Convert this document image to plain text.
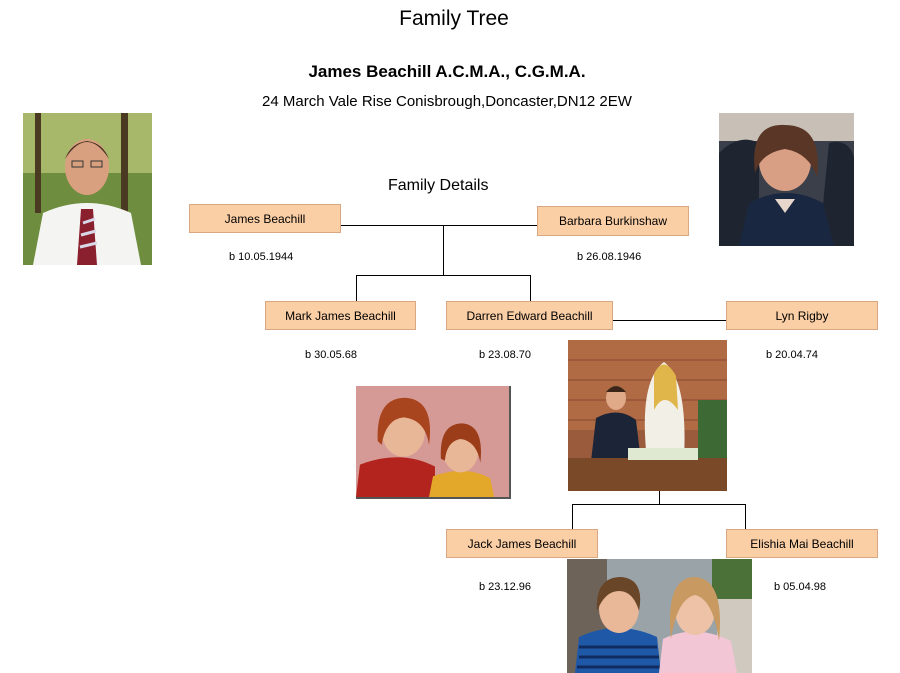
Family Tree
James Beachill A.C.M.A., C.G.M.A.
24 March Vale Rise Conisbrough,Doncaster,DN12 2EW
Family Details
James Beachill
b 10.05.1944
Barbara Burkinshaw
b 26.08.1946
Mark James Beachill
b 30.05.68
Darren Edward Beachill
b 23.08.70
Lyn Rigby
b 20.04.74
Jack James Beachill
b 23.12.96
Elishia Mai Beachill
b 05.04.98
